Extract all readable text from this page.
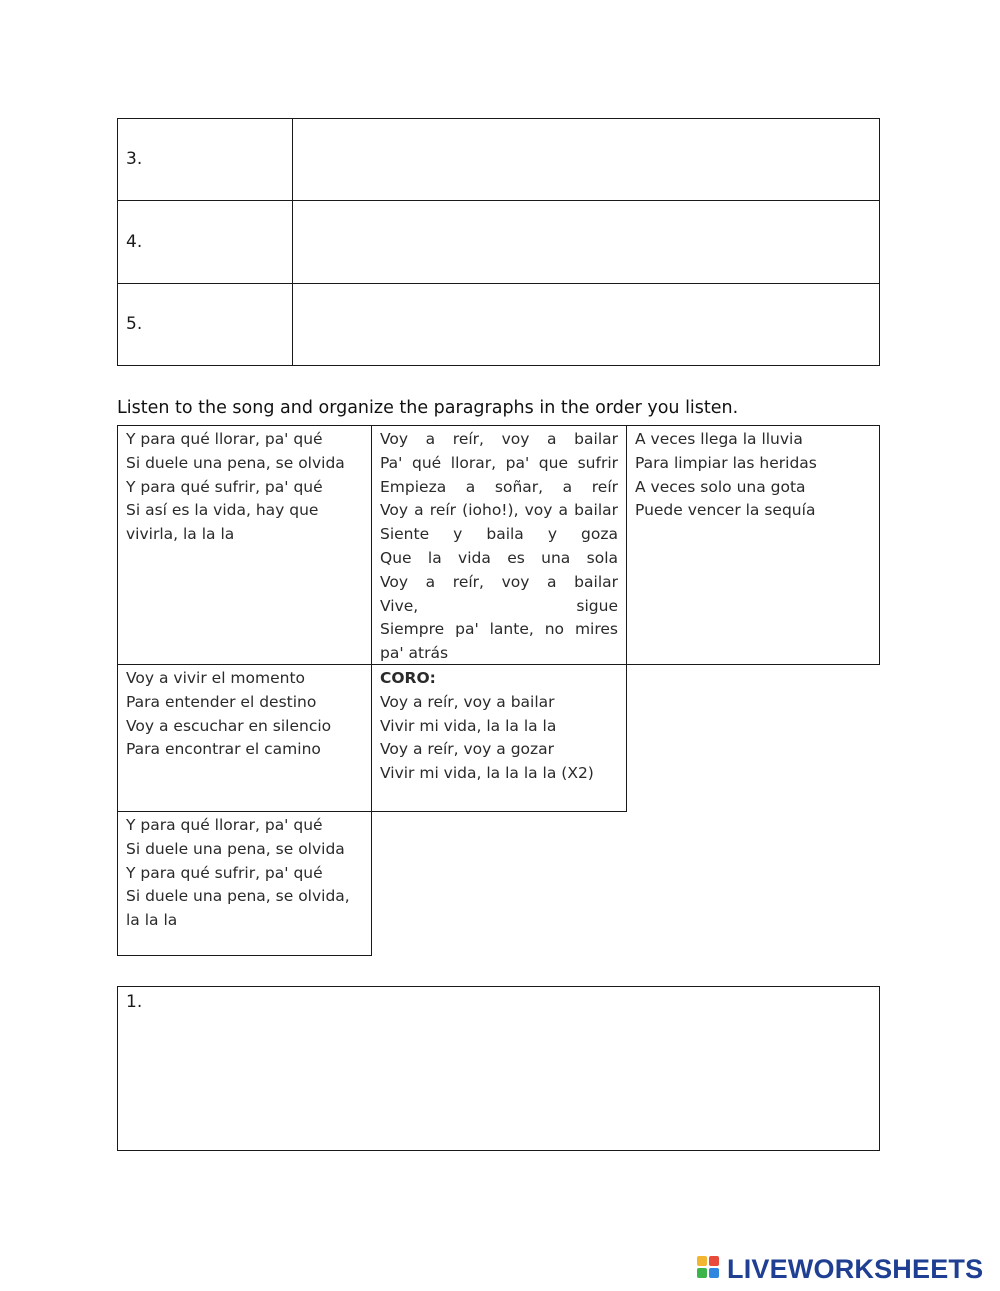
3.
4.
5.
Listen to the song and organize the paragraphs in the order you listen.
Y para qué llorar, pa' qué
Si duele una pena, se olvida
Y para qué sufrir, pa' qué
Si así es la vida, hay que
vivirla, la la la
Voy a reír, voy a bailar
Pa' qué llorar, pa' que sufrir
Empieza a soñar, a reír
Voy a reír (ioho!), voy a bailar
Siente y baila y goza
Que la vida es una sola
Voy a reír, voy a bailar
Vive, sigue
Siempre pa' lante, no mires
pa' atrás
A veces llega la lluvia
Para limpiar las heridas
A veces solo una gota
Puede vencer la sequía
Voy a vivir el momento
Para entender el destino
Voy a escuchar en silencio
Para encontrar el camino
CORO:
Voy a reír, voy a bailar
Vivir mi vida, la la la la
Voy a reír, voy a gozar
Vivir mi vida, la la la la (X2)
Y para qué llorar, pa' qué
Si duele una pena, se olvida
Y para qué sufrir, pa' qué
Si duele una pena, se olvida,
la la la
1.
LIVEWORKSHEETS
